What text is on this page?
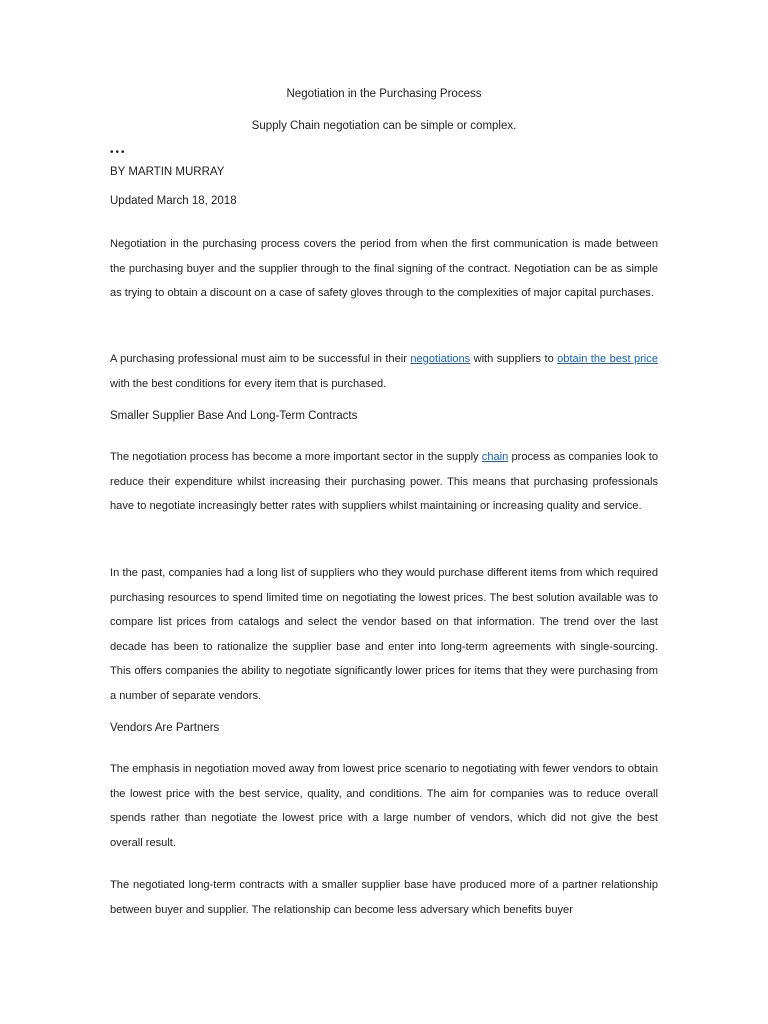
Negotiation in the Purchasing Process
Supply Chain negotiation can be simple or complex.
•••
BY MARTIN MURRAY
Updated March 18, 2018

Negotiation in the purchasing process covers the period from when the first communication is made between the purchasing buyer and the supplier through to the final signing of the contract. Negotiation can be as simple as trying to obtain a discount on a case of safety gloves through to the complexities of major capital purchases.

A purchasing professional must aim to be successful in their negotiations with suppliers to obtain the best price with the best conditions for every item that is purchased.

Smaller Supplier Base And Long-Term Contracts

The negotiation process has become a more important sector in the supply chain process as companies look to reduce their expenditure whilst increasing their purchasing power. This means that purchasing professionals have to negotiate increasingly better rates with suppliers whilst maintaining or increasing quality and service.

In the past, companies had a long list of suppliers who they would purchase different items from which required purchasing resources to spend limited time on negotiating the lowest prices. The best solution available was to compare list prices from catalogs and select the vendor based on that information. The trend over the last decade has been to rationalize the supplier base and enter into long-term agreements with single-sourcing. This offers companies the ability to negotiate significantly lower prices for items that they were purchasing from a number of separate vendors.

Vendors Are Partners

The emphasis in negotiation moved away from lowest price scenario to negotiating with fewer vendors to obtain the lowest price with the best service, quality, and conditions. The aim for companies was to reduce overall spends rather than negotiate the lowest price with a large number of vendors, which did not give the best overall result.

The negotiated long-term contracts with a smaller supplier base have produced more of a partner relationship between buyer and supplier. The relationship can become less adversary which benefits buyer
